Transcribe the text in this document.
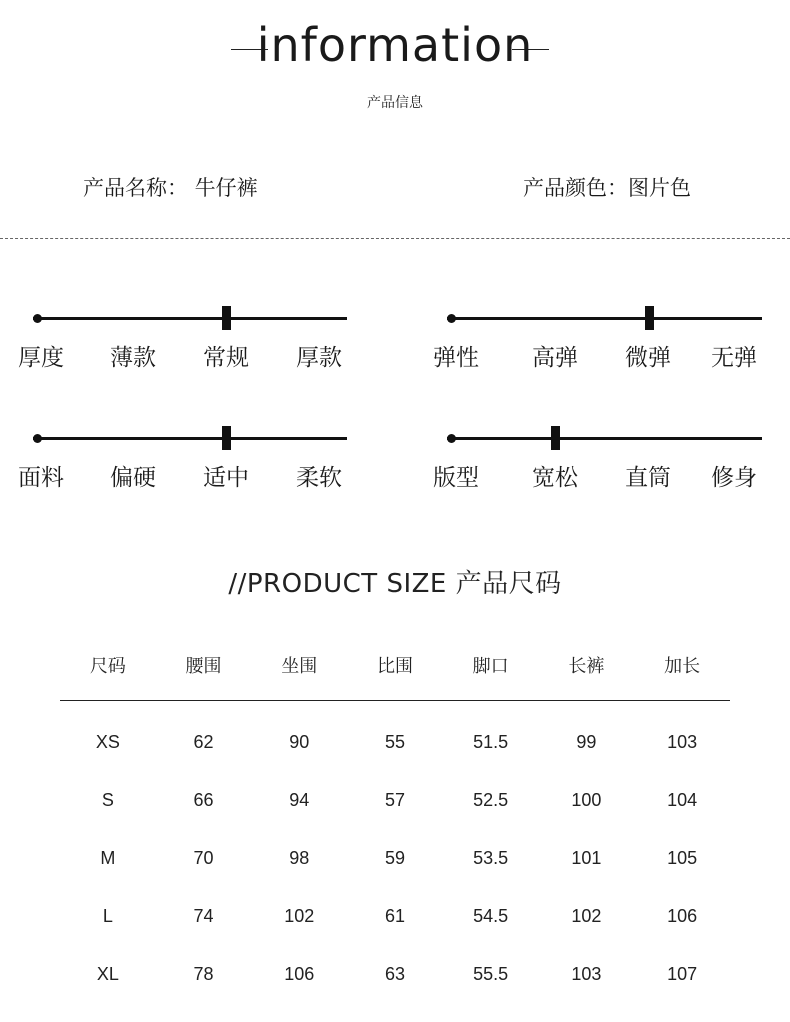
information
产品信息
产品名称： 牛仔裤	产品颜色：图片色
厚度	薄款	常规	厚款	弹性	高弹	微弹	无弹
面料	偏硬	适中	柔软	版型	宽松	直筒	修身
//PRODUCT SIZE 产品尺码
尺码	腰围	坐围	比围	脚口	长裤	加长
XS	62	90	55	51.5	99	103
S	66	94	57	52.5	100	104
M	70	98	59	53.5	101	105
L	74	102	61	54.5	102	106
XL	78	106	63	55.5	103	107
